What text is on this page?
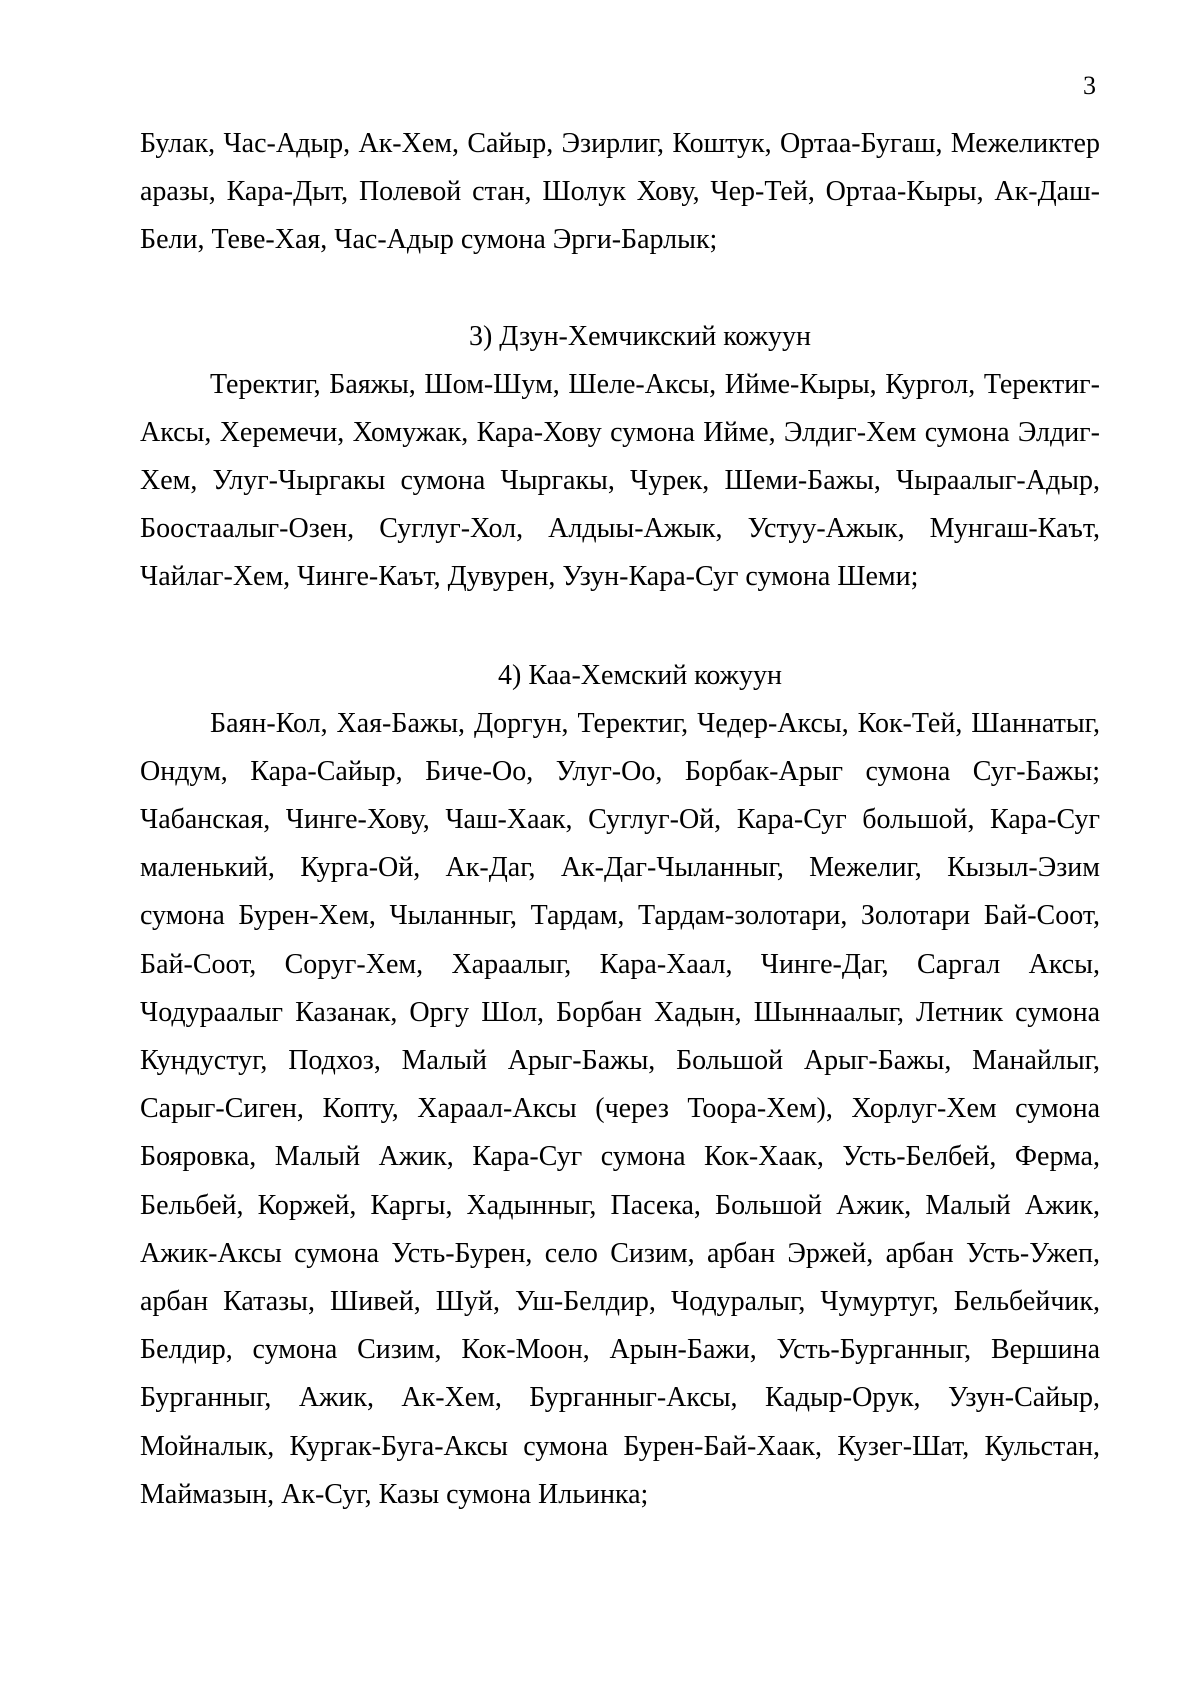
3

Булак, Час-Адыр, Ак-Хем, Сайыр, Эзирлиг, Коштук, Ортаа-Бугаш, Межеликтер аразы, Кара-Дыт, Полевой стан, Шолук Хову, Чер-Тей, Ортаа-Кыры, Ак-Даш-Бели, Теве-Хая, Час-Адыр сумона Эрги-Барлык;

3) Дзун-Хемчикский кожуун

Теректиг, Баяжы, Шом-Шум, Шеле-Аксы, Ийме-Кыры, Кургол, Теректиг-Аксы, Херемечи, Хомужак, Кара-Хову сумона Ийме, Элдиг-Хем сумона Элдиг-Хем, Улуг-Чыргакы сумона Чыргакы, Чурек, Шеми-Бажы, Чыраалыг-Адыр, Боостаалыг-Озен, Суглуг-Хол, Алдыы-Ажык, Устуу-Ажык, Мунгаш-Каът, Чайлаг-Хем, Чинге-Каът, Дувурен, Узун-Кара-Суг сумона Шеми;

4) Каа-Хемский кожуун

Баян-Кол, Хая-Бажы, Доргун, Теректиг, Чедер-Аксы, Кок-Тей, Шаннатыг, Ондум, Кара-Сайыр, Биче-Оо, Улуг-Оо, Борбак-Арыг сумона Суг-Бажы; Чабанская, Чинге-Хову, Чаш-Хаак, Суглуг-Ой, Кара-Суг большой, Кара-Суг маленький, Курга-Ой, Ак-Даг, Ак-Даг-Чыланныг, Межелиг, Кызыл-Эзим сумона Бурен-Хем, Чыланныг, Тардам, Тардам-золотари, Золотари Бай-Соот, Бай-Соот, Соруг-Хем, Хараалыг, Кара-Хаал, Чинге-Даг, Саргал Аксы, Чодураалыг Казанак, Оргу Шол, Борбан Хадын, Шыннаалыг, Летник сумона Кундустуг, Подхоз, Малый Арыг-Бажы, Большой Арыг-Бажы, Манайлыг, Сарыг-Сиген, Копту, Хараал-Аксы (через Тоора-Хем), Хорлуг-Хем сумона Бояровка, Малый Ажик, Кара-Суг сумона Кок-Хаак, Усть-Белбей, Ферма, Бельбей, Коржей, Каргы, Хадынныг, Пасека, Большой Ажик, Малый Ажик, Ажик-Аксы сумона Усть-Бурен, село Сизим, арбан Эржей, арбан Усть-Ужеп, арбан Катазы, Шивей, Шуй, Уш-Белдир, Чодуралыг, Чумуртуг, Бельбейчик, Белдир, сумона Сизим, Кок-Моон, Арын-Бажи, Усть-Бурганныг, Вершина Бурганныг, Ажик, Ак-Хем, Бурганныг-Аксы, Кадыр-Орук, Узун-Сайыр, Мойналык, Кургак-Буга-Аксы сумона Бурен-Бай-Хаак, Кузег-Шат, Кульстан, Маймазын, Ак-Суг, Казы сумона Ильинка;
